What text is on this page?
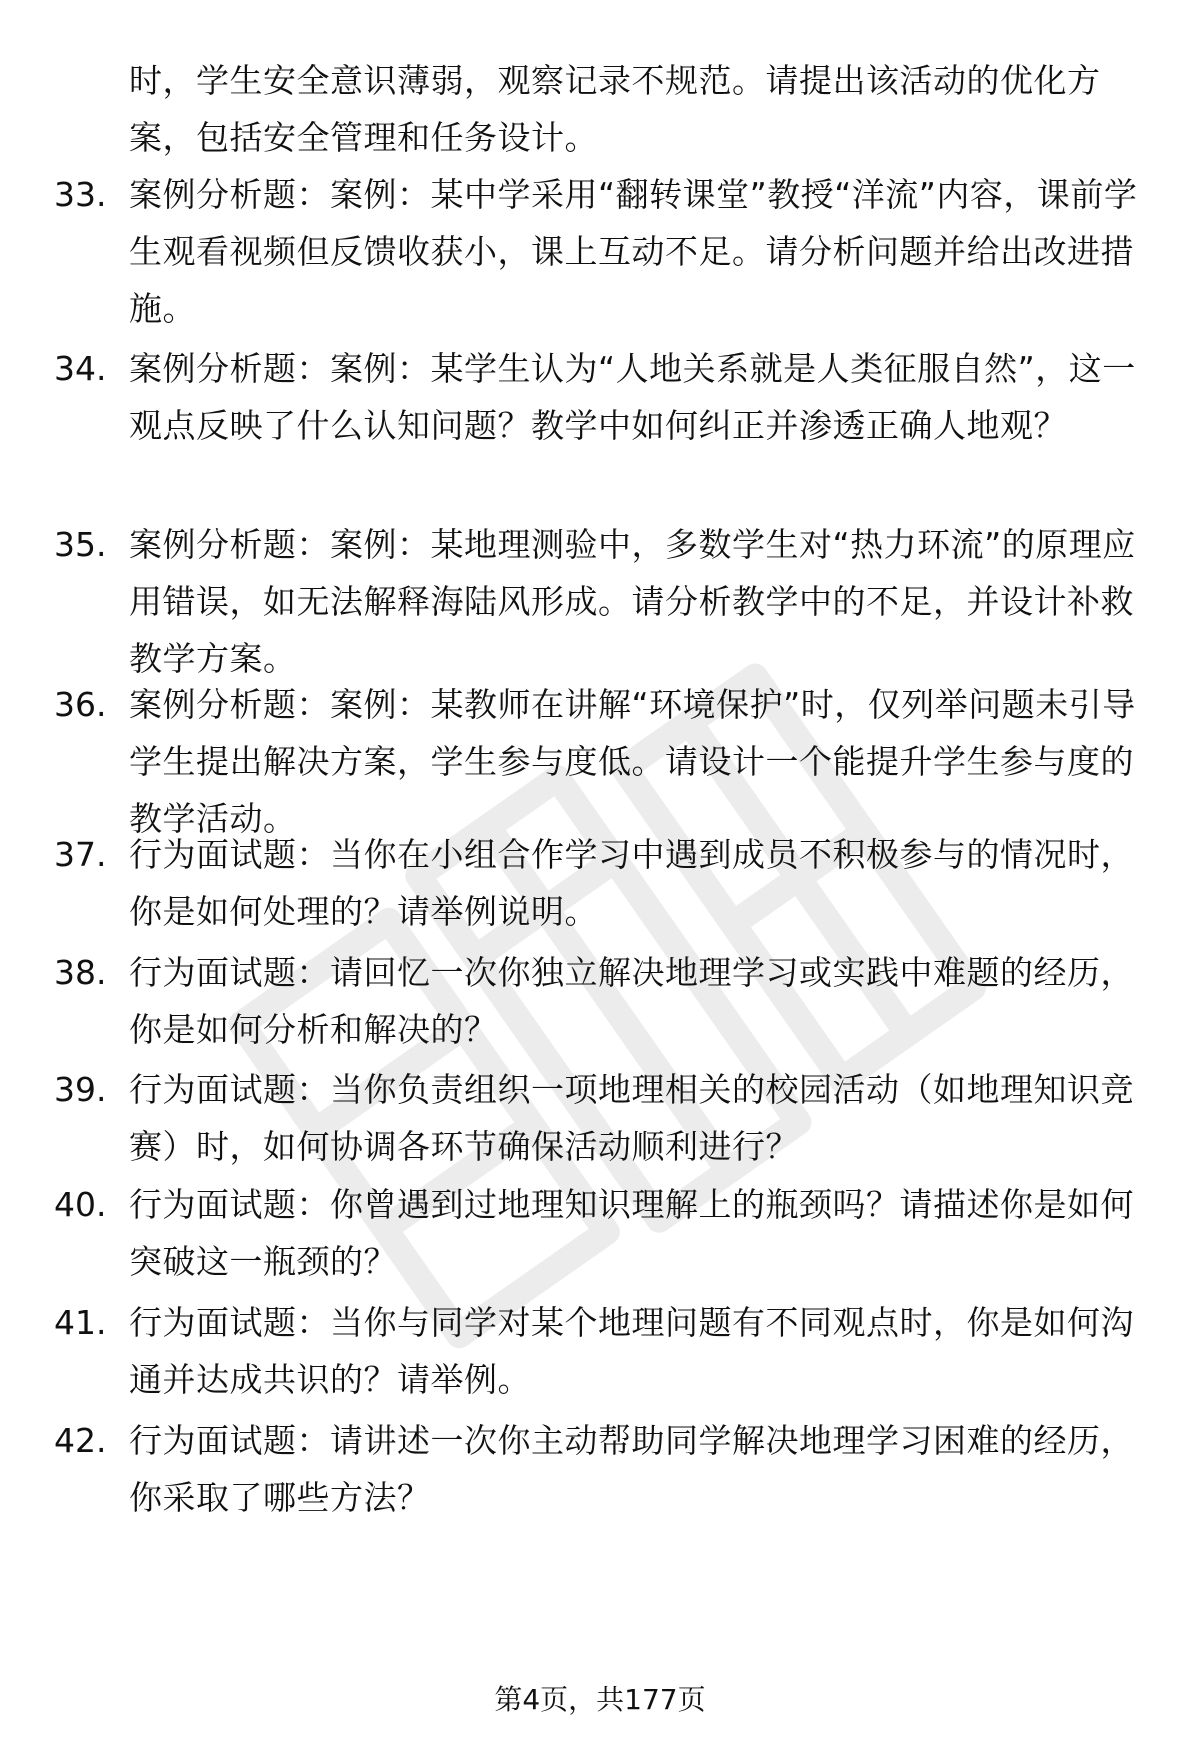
时，学生安全意识薄弱，观察记录不规范。请提出该活动的优化方案，包括安全管理和任务设计。
33. 案例分析题：案例：某中学采用“翻转课堂”教授“洋流”内容，课前学生观看视频但反馈收获小，课上互动不足。请分析问题并给出改进措施。
34. 案例分析题：案例：某学生认为“人地关系就是人类征服自然”，这一观点反映了什么认知问题？教学中如何纠正并渗透正确人地观？
35. 案例分析题：案例：某地理测验中，多数学生对“热力环流”的原理应用错误，如无法解释海陆风形成。请分析教学中的不足，并设计补救教学方案。
36. 案例分析题：案例：某教师在讲解“环境保护”时，仅列举问题未引导学生提出解决方案，学生参与度低。请设计一个能提升学生参与度的教学活动。
37. 行为面试题：当你在小组合作学习中遇到成员不积极参与的情况时，你是如何处理的？请举例说明。
38. 行为面试题：请回忆一次你独立解决地理学习或实践中难题的经历，你是如何分析和解决的？
39. 行为面试题：当你负责组织一项地理相关的校园活动（如地理知识竞赛）时，如何协调各环节确保活动顺利进行？
40. 行为面试题：你曾遇到过地理知识理解上的瓶颈吗？请描述你是如何突破这一瓶颈的？
41. 行为面试题：当你与同学对某个地理问题有不同观点时，你是如何沟通并达成共识的？请举例。
42. 行为面试题：请讲述一次你主动帮助同学解决地理学习困难的经历，你采取了哪些方法？
第4页，共177页
